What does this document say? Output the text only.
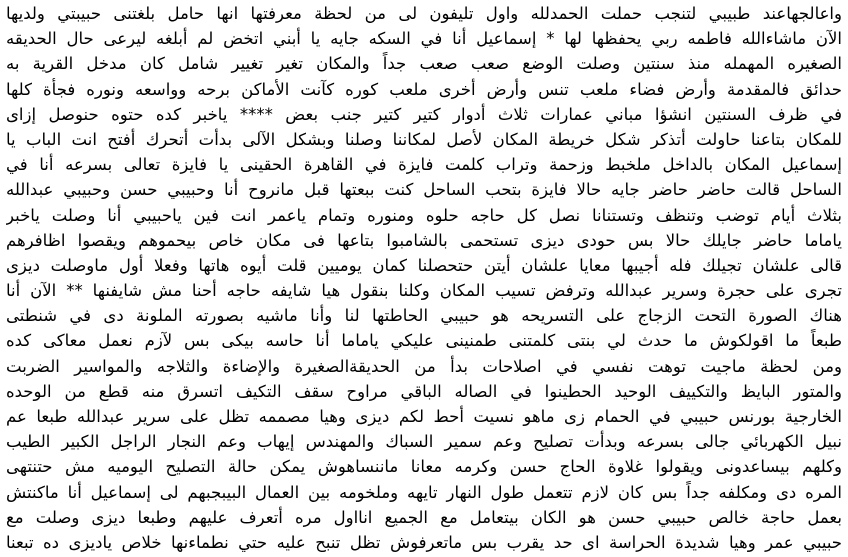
واعالجهاعند طبيبي لتنجب حملت الحمدلله واول تليفون لى من لحظة معرفتها انها حامل بلغتنى حبيبتي ولديها
الآن ماشاءالله فاطمه ربي يحفظها لها * إسماعيل أنا في السكه جايه يا أبني اتخض لم أبلغه ليرعى حال الحديقه
الصغيره المهمله منذ سنتين وصلت الوضع صعب صعب جداً والمكان تغير تغيير شامل كان مدخل القرية به
حدائق فالمقدمة وأرض فضاء ملعب تنس وأرض أخرى ملعب كوره كآنت الأماكن برحه وواسعه ونوره فجأة كلها
في ظرف السنتين انشؤا مباني عمارات ثلاث أدوار كتير كتير جنب بعض **** ياخبر كده حتوه حنوصل إزاى
للمكان بتاعنا حاولت أتذكر شكل خريطة المكان لأصل لمكاننا وصلنا وبشكل الآلى بدأت أتحرك أفتح انت الباب يا
إسماعيل المكان بالداخل ملخبط وزحمة وتراب كلمت فايزة في القاهرة الحقينى يا فايزة تعالى بسرعه أنا في
الساحل قالت حاضر حاضر جايه حالا فايزة بتحب الساحل كنت ببعتها قبل مانروح أنا وحبيبي حسن وحبيبي عبدالله
بثلاث أيام توضب وتنظف وتستنانا نصل كل حاجه حلوه ومنوره وتمام ياعمر انت فين ياحبيبي أنا وصلت ياخبر
ياماما حاضر جايلك حالا بس حودى ديزى تستحمى بالشامبوا بتاعها فى مكان خاص بيحموهم ويقصوا اظافرهم
قالى علشان تجيلك فله أجيبها معايا علشان أيتن حتحصلنا كمان يوميين قلت أيوه هاتها وفعلا أول ماوصلت ديزى
تجرى على حجرة وسرير عبدالله وترفض تسيب المكان وكلنا بنقول هيا شايفه حاجه أحنا مش شايفنها ** الآن أنا
هناك الصورة التحت الزجاج على التسريحه هو حبيبي الحاطتها لنا وأنا ماشيه بصورته الملونة دى في شنطتى
طبعاً ما اقولكوش ما حدث لي بنتى كلمتنى طمنينى عليكي ياماما أنا حاسه بيكى بس لآزم نعمل معاكى كده
ومن لحظة ماجيت توهت نفسي في اصلاحات بدأ من الحديقةالصغيرة والإضاءة والثلاجه والمواسير الضربت
والمتور البايظ والتكييف الوحيد الحطينوا في الصاله الباقي مراوح سقف التكيف اتسرق منه قطع من الوحده
الخارجية بورنس حبيبي في الحمام زى ماهو نسيت أحط لكم ديزى وهيا مصممه تظل على سرير عبدالله طبعا عم
نبيل الكهربائي جالى بسرعه وبدأت تصليح وعم سمير السباك والمهندس إيهاب وعم النجار الراجل الكبير الطيب
وكلهم بيساعدونى ويقولوا غلاوة الحاج حسن وكرمه معانا ماننساهوش يمكن حالة التصليح اليوميه مش حتنتهى
المره دى ومكلفه جداً بس كان لازم تتعمل طول النهار تايهه وملخومه بين العمال البيبجبهم لى إسماعيل أنا ماكنتش
بعمل حاجة خالص حبيبي حسن هو الكان بيتعامل مع الجميع انااول مره أتعرف عليهم وطبعا ديزى وصلت مع
حبيبي عمر وهيا شديدة الحراسة اى حد يقرب بس ماتعرفوش تظل تنبح عليه حتي نطماءنها خلاص ياديزى ده تبعنا
